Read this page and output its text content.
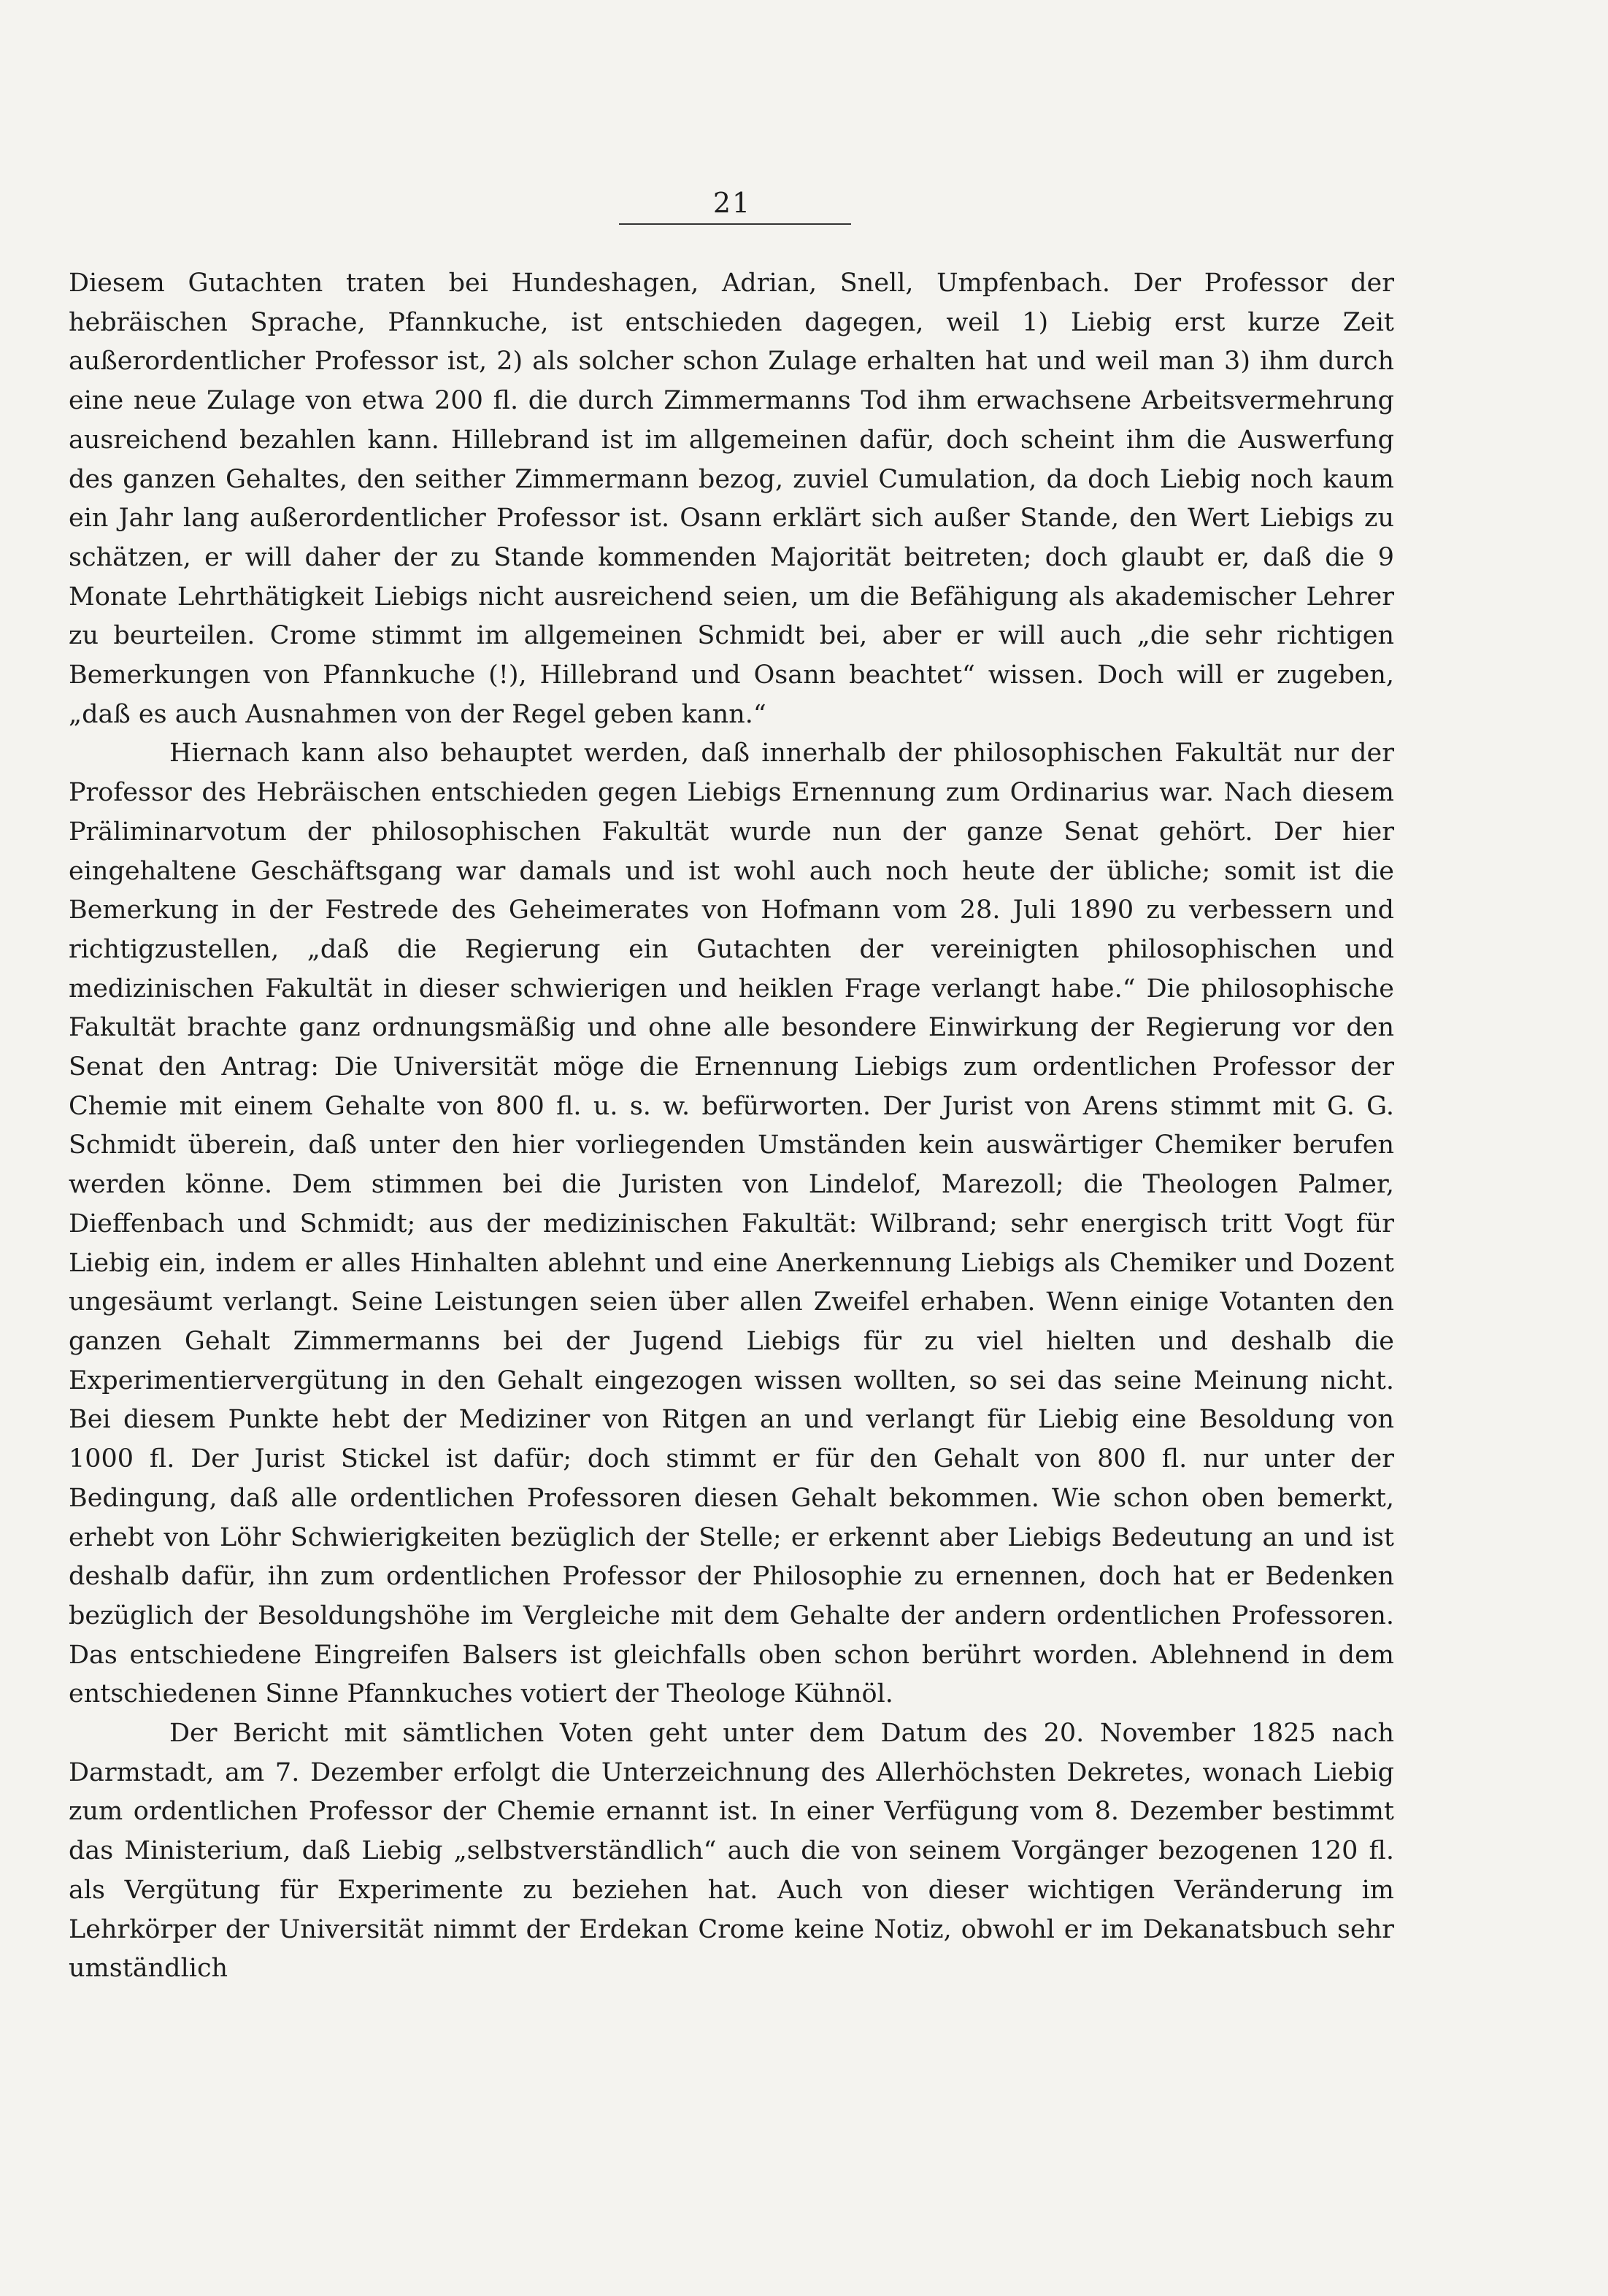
21

Diesem Gutachten traten bei Hundeshagen, Adrian, Snell, Umpfenbach. Der Professor der hebräischen Sprache, Pfannkuche, ist entschieden dagegen, weil 1) Liebig erst kurze Zeit außerordentlicher Professor ist, 2) als solcher schon Zulage erhalten hat und weil man 3) ihm durch eine neue Zulage von etwa 200 fl. die durch Zimmermanns Tod ihm erwachsene Arbeitsvermehrung ausreichend bezahlen kann. Hillebrand ist im allgemeinen dafür, doch scheint ihm die Auswerfung des ganzen Gehaltes, den seither Zimmermann bezog, zuviel Cumulation, da doch Liebig noch kaum ein Jahr lang außerordentlicher Professor ist. Osann erklärt sich außer Stande, den Wert Liebigs zu schätzen, er will daher der zu Stande kommenden Majorität beitreten; doch glaubt er, daß die 9 Monate Lehrthätigkeit Liebigs nicht ausreichend seien, um die Befähigung als akademischer Lehrer zu beurteilen. Crome stimmt im allgemeinen Schmidt bei, aber er will auch „die sehr richtigen Bemerkungen von Pfannkuche (!), Hillebrand und Osann beachtet“ wissen. Doch will er zugeben, „daß es auch Ausnahmen von der Regel geben kann.“

Hiernach kann also behauptet werden, daß innerhalb der philosophischen Fakultät nur der Professor des Hebräischen entschieden gegen Liebigs Ernennung zum Ordinarius war. Nach diesem Präliminarvotum der philosophischen Fakultät wurde nun der ganze Senat gehört. Der hier eingehaltene Geschäftsgang war damals und ist wohl auch noch heute der übliche; somit ist die Bemerkung in der Festrede des Geheimerates von Hofmann vom 28. Juli 1890 zu verbessern und richtigzustellen, „daß die Regierung ein Gutachten der vereinigten philosophischen und medizinischen Fakultät in dieser schwierigen und heiklen Frage verlangt habe.“ Die philosophische Fakultät brachte ganz ordnungsmäßig und ohne alle besondere Einwirkung der Regierung vor den Senat den Antrag: Die Universität möge die Ernennung Liebigs zum ordentlichen Professor der Chemie mit einem Gehalte von 800 fl. u. s. w. befürworten. Der Jurist von Arens stimmt mit G. G. Schmidt überein, daß unter den hier vorliegenden Umständen kein auswärtiger Chemiker berufen werden könne. Dem stimmen bei die Juristen von Lindelof, Marezoll; die Theologen Palmer, Dieffenbach und Schmidt; aus der medizinischen Fakultät: Wilbrand; sehr energisch tritt Vogt für Liebig ein, indem er alles Hinhalten ablehnt und eine Anerkennung Liebigs als Chemiker und Dozent ungesäumt verlangt. Seine Leistungen seien über allen Zweifel erhaben. Wenn einige Votanten den ganzen Gehalt Zimmermanns bei der Jugend Liebigs für zu viel hielten und deshalb die Experimentiervergütung in den Gehalt eingezogen wissen wollten, so sei das seine Meinung nicht. Bei diesem Punkte hebt der Mediziner von Ritgen an und verlangt für Liebig eine Besoldung von 1000 fl. Der Jurist Stickel ist dafür; doch stimmt er für den Gehalt von 800 fl. nur unter der Bedingung, daß alle ordentlichen Professoren diesen Gehalt bekommen. Wie schon oben bemerkt, erhebt von Löhr Schwierigkeiten bezüglich der Stelle; er erkennt aber Liebigs Bedeutung an und ist deshalb dafür, ihn zum ordentlichen Professor der Philosophie zu ernennen, doch hat er Bedenken bezüglich der Besoldungshöhe im Vergleiche mit dem Gehalte der andern ordentlichen Professoren. Das entschiedene Eingreifen Balsers ist gleichfalls oben schon berührt worden. Ablehnend in dem entschiedenen Sinne Pfannkuches votiert der Theologe Kühnöl.

Der Bericht mit sämtlichen Voten geht unter dem Datum des 20. November 1825 nach Darmstadt, am 7. Dezember erfolgt die Unterzeichnung des Allerhöchsten Dekretes, wonach Liebig zum ordentlichen Professor der Chemie ernannt ist. In einer Verfügung vom 8. Dezember bestimmt das Ministerium, daß Liebig „selbstverständlich“ auch die von seinem Vorgänger bezogenen 120 fl. als Vergütung für Experimente zu beziehen hat. Auch von dieser wichtigen Veränderung im Lehrkörper der Universität nimmt der Erdekan Crome keine Notiz, obwohl er im Dekanatsbuch sehr umständlich
